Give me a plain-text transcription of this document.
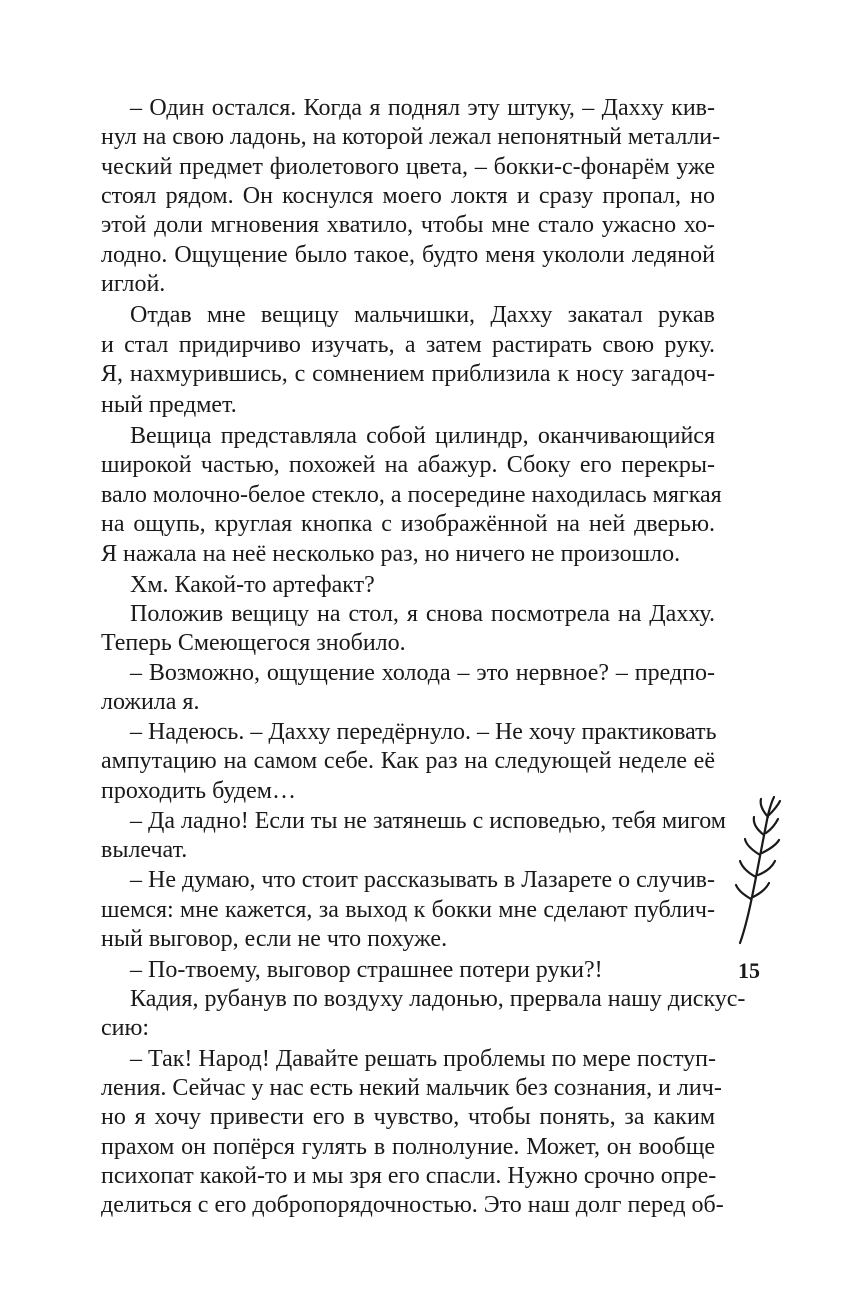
– Один остался. Когда я поднял эту штуку, – Дахху кив-
нул на свою ладонь, на которой лежал непонятный металли-
ческий предмет фиолетового цвета, – бокки-с-фонарём уже
стоял рядом. Он коснулся моего локтя и сразу пропал, но
этой доли мгновения хватило, чтобы мне стало ужасно хо-
лодно. Ощущение было такое, будто меня укололи ледяной
иглой.
Отдав мне вещицу мальчишки, Дахху закатал рукав
и стал придирчиво изучать, а затем растирать свою руку.
Я, нахмурившись, с сомнением приблизила к носу загадоч-
ный предмет.
Вещица представляла собой цилиндр, оканчивающийся
широкой частью, похожей на абажур. Сбоку его перекры-
вало молочно-белое стекло, а посередине находилась мягкая
на ощупь, круглая кнопка с изображённой на ней дверью.
Я нажала на неё несколько раз, но ничего не произошло.
Хм. Какой-то артефакт?
Положив вещицу на стол, я снова посмотрела на Дахху.
Теперь Смеющегося знобило.
– Возможно, ощущение холода – это нервное? – предпо-
ложила я.
– Надеюсь. – Дахху передёрнуло. – Не хочу практиковать
ампутацию на самом себе. Как раз на следующей неделе её
проходить будем…
– Да ладно! Если ты не затянешь с исповедью, тебя мигом
вылечат.
– Не думаю, что стоит рассказывать в Лазарете о случив-
шемся: мне кажется, за выход к бокки мне сделают публич-
ный выговор, если не что похуже.
– По-твоему, выговор страшнее потери руки?!
Кадия, рубанув по воздуху ладонью, прервала нашу дискус-
сию:
– Так! Народ! Давайте решать проблемы по мере поступ-
ления. Сейчас у нас есть некий мальчик без сознания, и лич-
но я хочу привести его в чувство, чтобы понять, за каким
прахом он попёрся гулять в полнолуние. Может, он вообще
психопат какой-то и мы зря его спасли. Нужно срочно опре-
делиться с его добропорядочностью. Это наш долг перед об-
15
